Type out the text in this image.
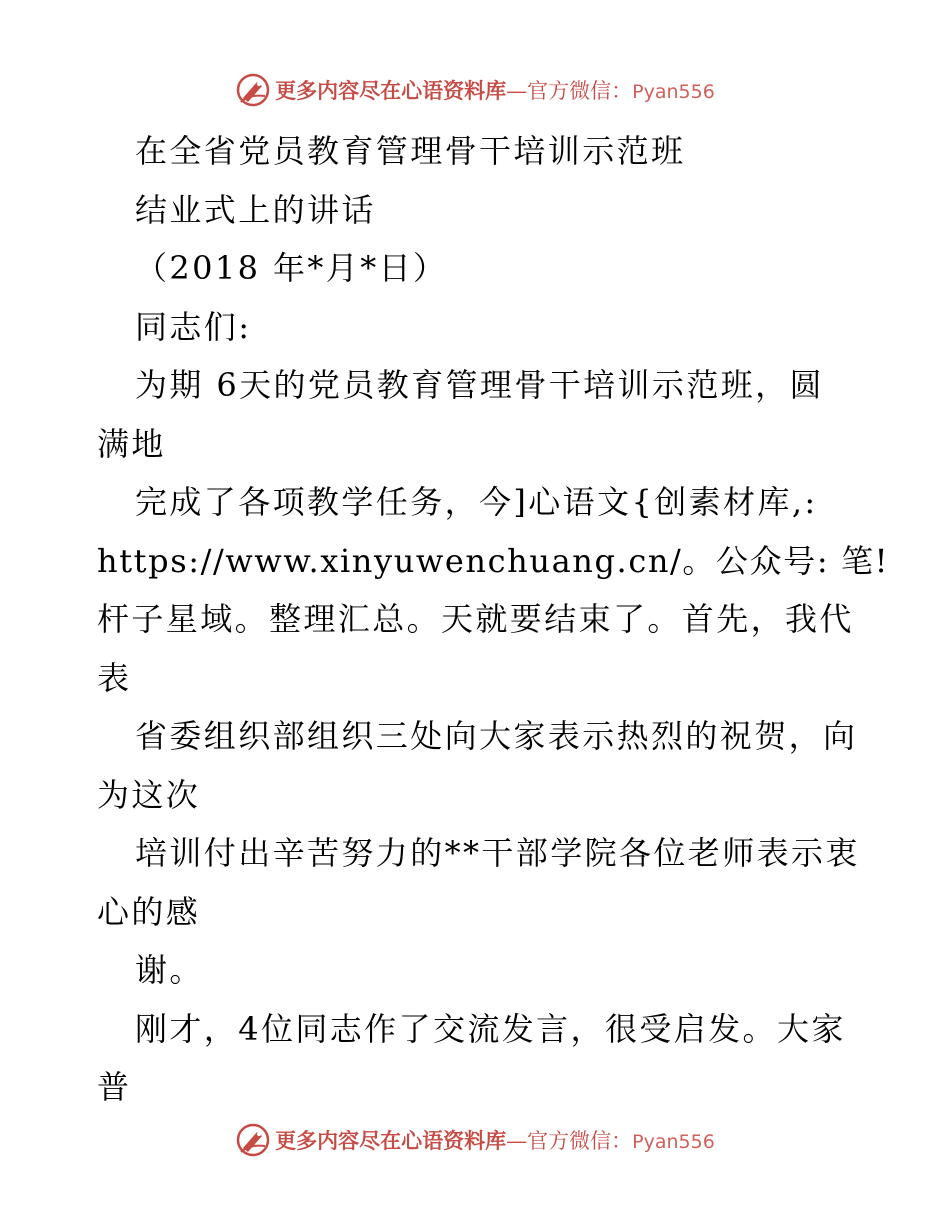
更多内容尽在心语资料库—官方微信：Pyan556
在全省党员教育管理骨干培训示范班
结业式上的讲话
（2018 年*月*日）
同志们:
为期 6天的党员教育管理骨干培训示范班，圆
满地
完成了各项教学任务，今]心语文{创素材库,:
https://www.xinyuwenchuang.cn/。公众号: 笔!
杆子星域。整理汇总。天就要结束了。首先，我代
表
省委组织部组织三处向大家表示热烈的祝贺，向
为这次
培训付出辛苦努力的**干部学院各位老师表示衷
心的感
谢。
刚才，4位同志作了交流发言，很受启发。大家
普
更多内容尽在心语资料库—官方微信：Pyan556
